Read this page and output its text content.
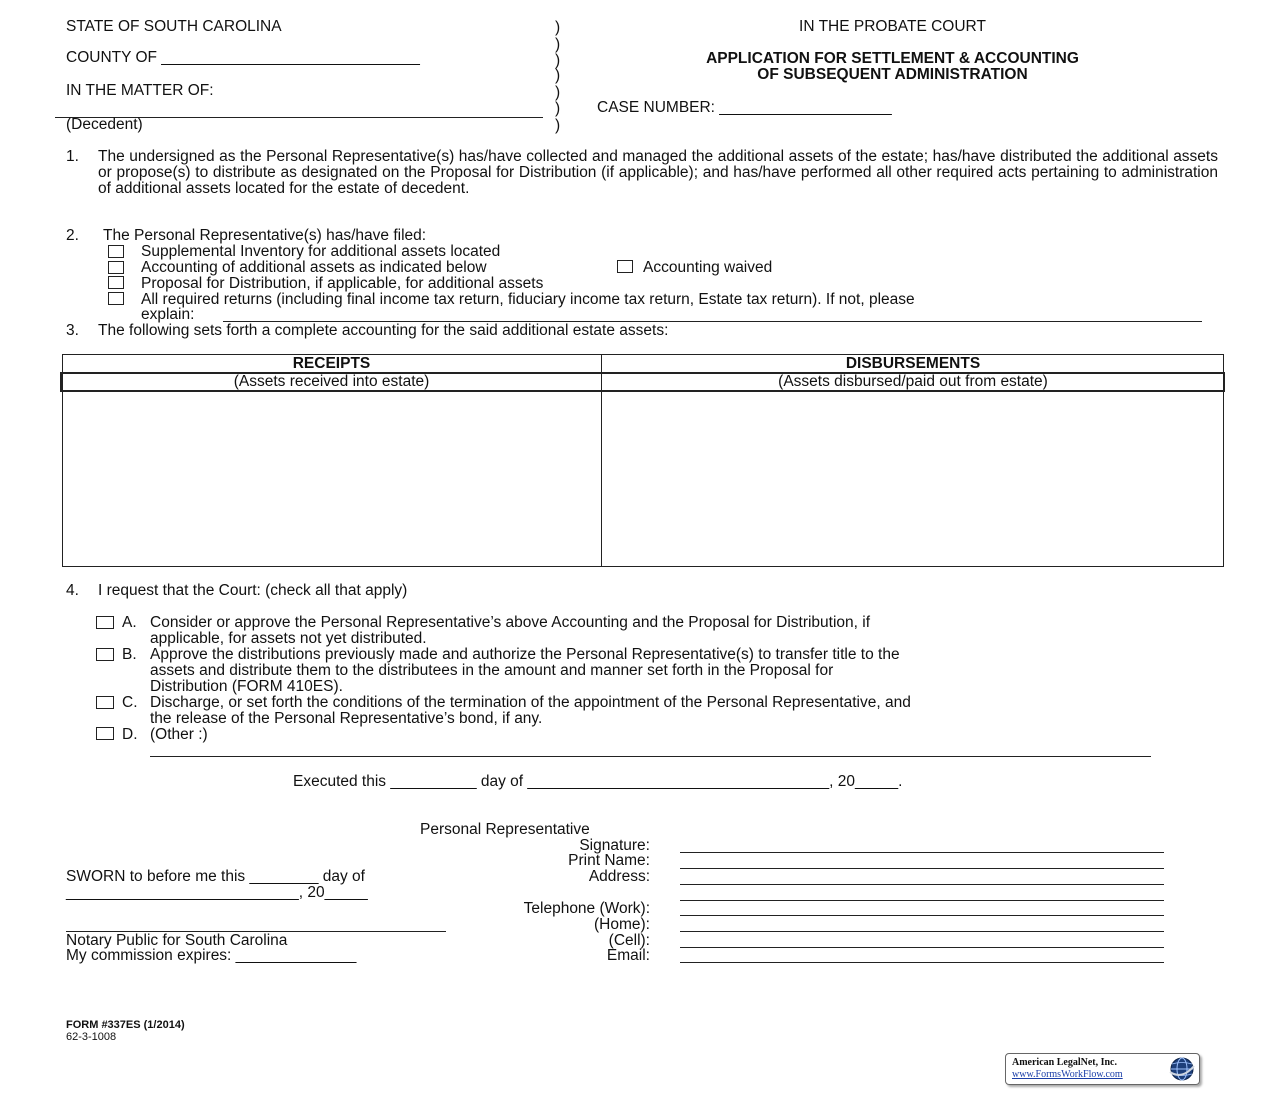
STATE OF SOUTH CAROLINA
COUNTY OF ______________________________
IN THE MATTER OF:
(Decedent)
)
)
)
)
)
)
)
IN THE PROBATE COURT
APPLICATION FOR SETTLEMENT & ACCOUNTING
OF SUBSEQUENT ADMINISTRATION
CASE NUMBER: ____________________
1. The undersigned as the Personal Representative(s) has/have collected and managed the additional assets of the estate; has/have distributed the additional assets or propose(s) to distribute as designated on the Proposal for Distribution (if applicable); and has/have performed all other required acts pertaining to administration of additional assets located for the estate of decedent.
2. The Personal Representative(s) has/have filed:
Supplemental Inventory for additional assets located
Accounting of additional assets as indicated below	Accounting waived
Proposal for Distribution, if applicable, for additional assets
All required returns (including final income tax return, fiduciary income tax return, Estate tax return). If not, please
explain:
3. The following sets forth a complete accounting for the said additional estate assets:
RECEIPTS
(Assets received into estate)
DISBURSEMENTS
(Assets disbursed/paid out from estate)
4. I request that the Court: (check all that apply)
A. Consider or approve the Personal Representative’s above Accounting and the Proposal for Distribution, if
applicable, for assets not yet distributed.
B. Approve the distributions previously made and authorize the Personal Representative(s) to transfer title to the
assets and distribute them to the distributees in the amount and manner set forth in the Proposal for
Distribution (FORM 410ES).
C. Discharge, or set forth the conditions of the termination of the appointment of the Personal Representative, and
the release of the Personal Representative’s bond, if any.
D. (Other :)
Executed this __________ day of ___________________________________, 20_____.
Personal Representative
Signature:
Print Name:
Address:
Telephone (Work):
(Home):
(Cell):
Email:
SWORN to before me this ________ day of
___________________________, 20_____
Notary Public for South Carolina
My commission expires: ______________
FORM #337ES (1/2014)
62-3-1008
American LegalNet, Inc.
www.FormsWorkFlow.com
